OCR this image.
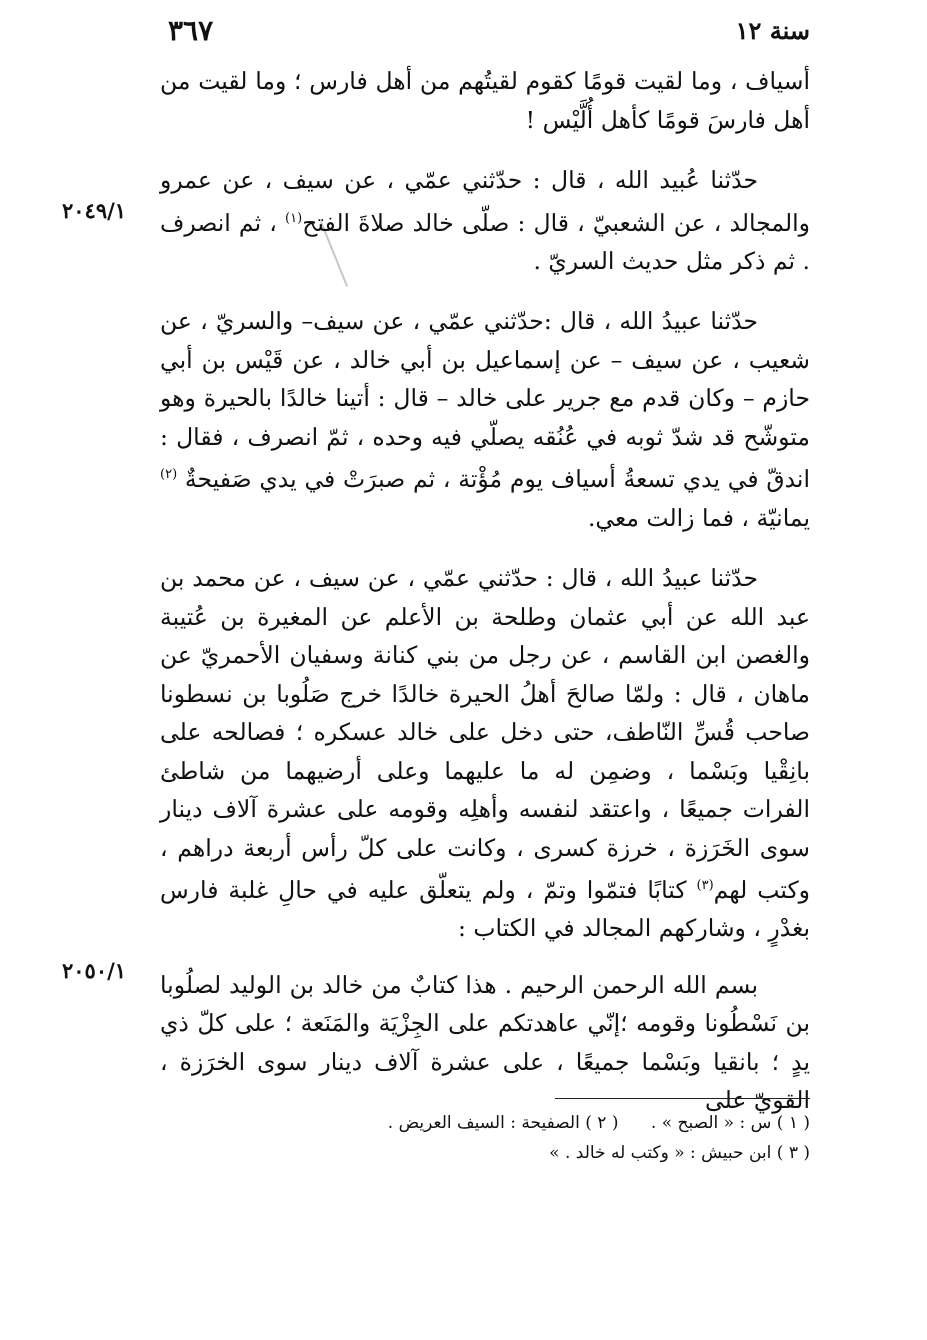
سنة ١٢
٣٦٧
٢٠٤٩/١
٢٠٥٠/١

أسياف ، وما لقيت قومًا كقوم لقيتُهم من أهل فارس ؛ وما لقيت من أهل فارسَ قومًا كأهل أُلَّيْس !

حدّثنا عُبيد الله ، قال : حدّثني عمّي ، عن سيف ، عن عمرو والمجالد ، عن الشعبيّ ، قال : صلّى خالد صلاةَ الفتح$^{(١)}$ ، ثم انصرف . ثم ذكر مثل حديث السريّ .

حدّثنا عبيدُ الله ، قال :حدّثني عمّي ، عن سيف– والسريّ ، عن شعيب ، عن سيف – عن إسماعيل بن أبي خالد ، عن قَيْس بن أبي حازم – وكان قدم مع جرير على خالد – قال : أتينا خالدًا بالحيرة وهو متوشّح قد شدّ ثوبه في عُنُقه يصلّي فيه وحده ، ثمّ انصرف ، فقال : اندقّ في يدي تسعةُ أسياف يوم مُؤْتة ، ثم صبرَتْ في يدي صَفيحةٌ $^{(٢)}$ يمانيّة ، فما زالت معي.

حدّثنا عبيدُ الله ، قال : حدّثني عمّي ، عن سيف ، عن محمد بن عبد الله عن أبي عثمان وطلحة بن الأعلم عن المغيرة بن عُتيبة والغصن ابن القاسم ، عن رجل من بني كنانة وسفيان الأحمريّ عن ماهان ، قال : ولمّا صالحَ أهلُ الحيرة خالدًا خرج صَلُوبا بن نسطونا صاحب قُسِّ النّاطف، حتى دخل على خالد عسكره ؛ فصالحه على بانِقْيا وبَسْما ، وضمِن له ما عليهما وعلى أرضيهما من شاطئ الفرات جميعًا ، واعتقد لنفسه وأهلِه وقومه على عشرة آلاف دينار سوى الخَرَزة ، خرزة كسرى ، وكانت على كلّ رأس أربعة دراهم ، وكتب لهم$^{(٣)}$ كتابًا فتمّوا وتمّ ، ولم يتعلّق عليه في حالِ غلبة فارس بغدْرٍ ، وشاركهم المجالد في الكتاب :

بسم الله الرحمن الرحيم . هذا كتابٌ من خالد بن الوليد لصلُوبا بن نَسْطُونا وقومه ؛إنّي عاهدتكم على الجِزْيَة والمَنَعة ؛ على كلّ ذي يدٍ ؛ بانقيا وبَسْما جميعًا ، على عشرة آلاف دينار سوى الخرَزة ، القويّ على

( ١ ) س : « الصبح » .      ( ٢ ) الصفيحة : السيف العريض .

( ٣ ) ابن حبيش : « وكتب له خالد . »
